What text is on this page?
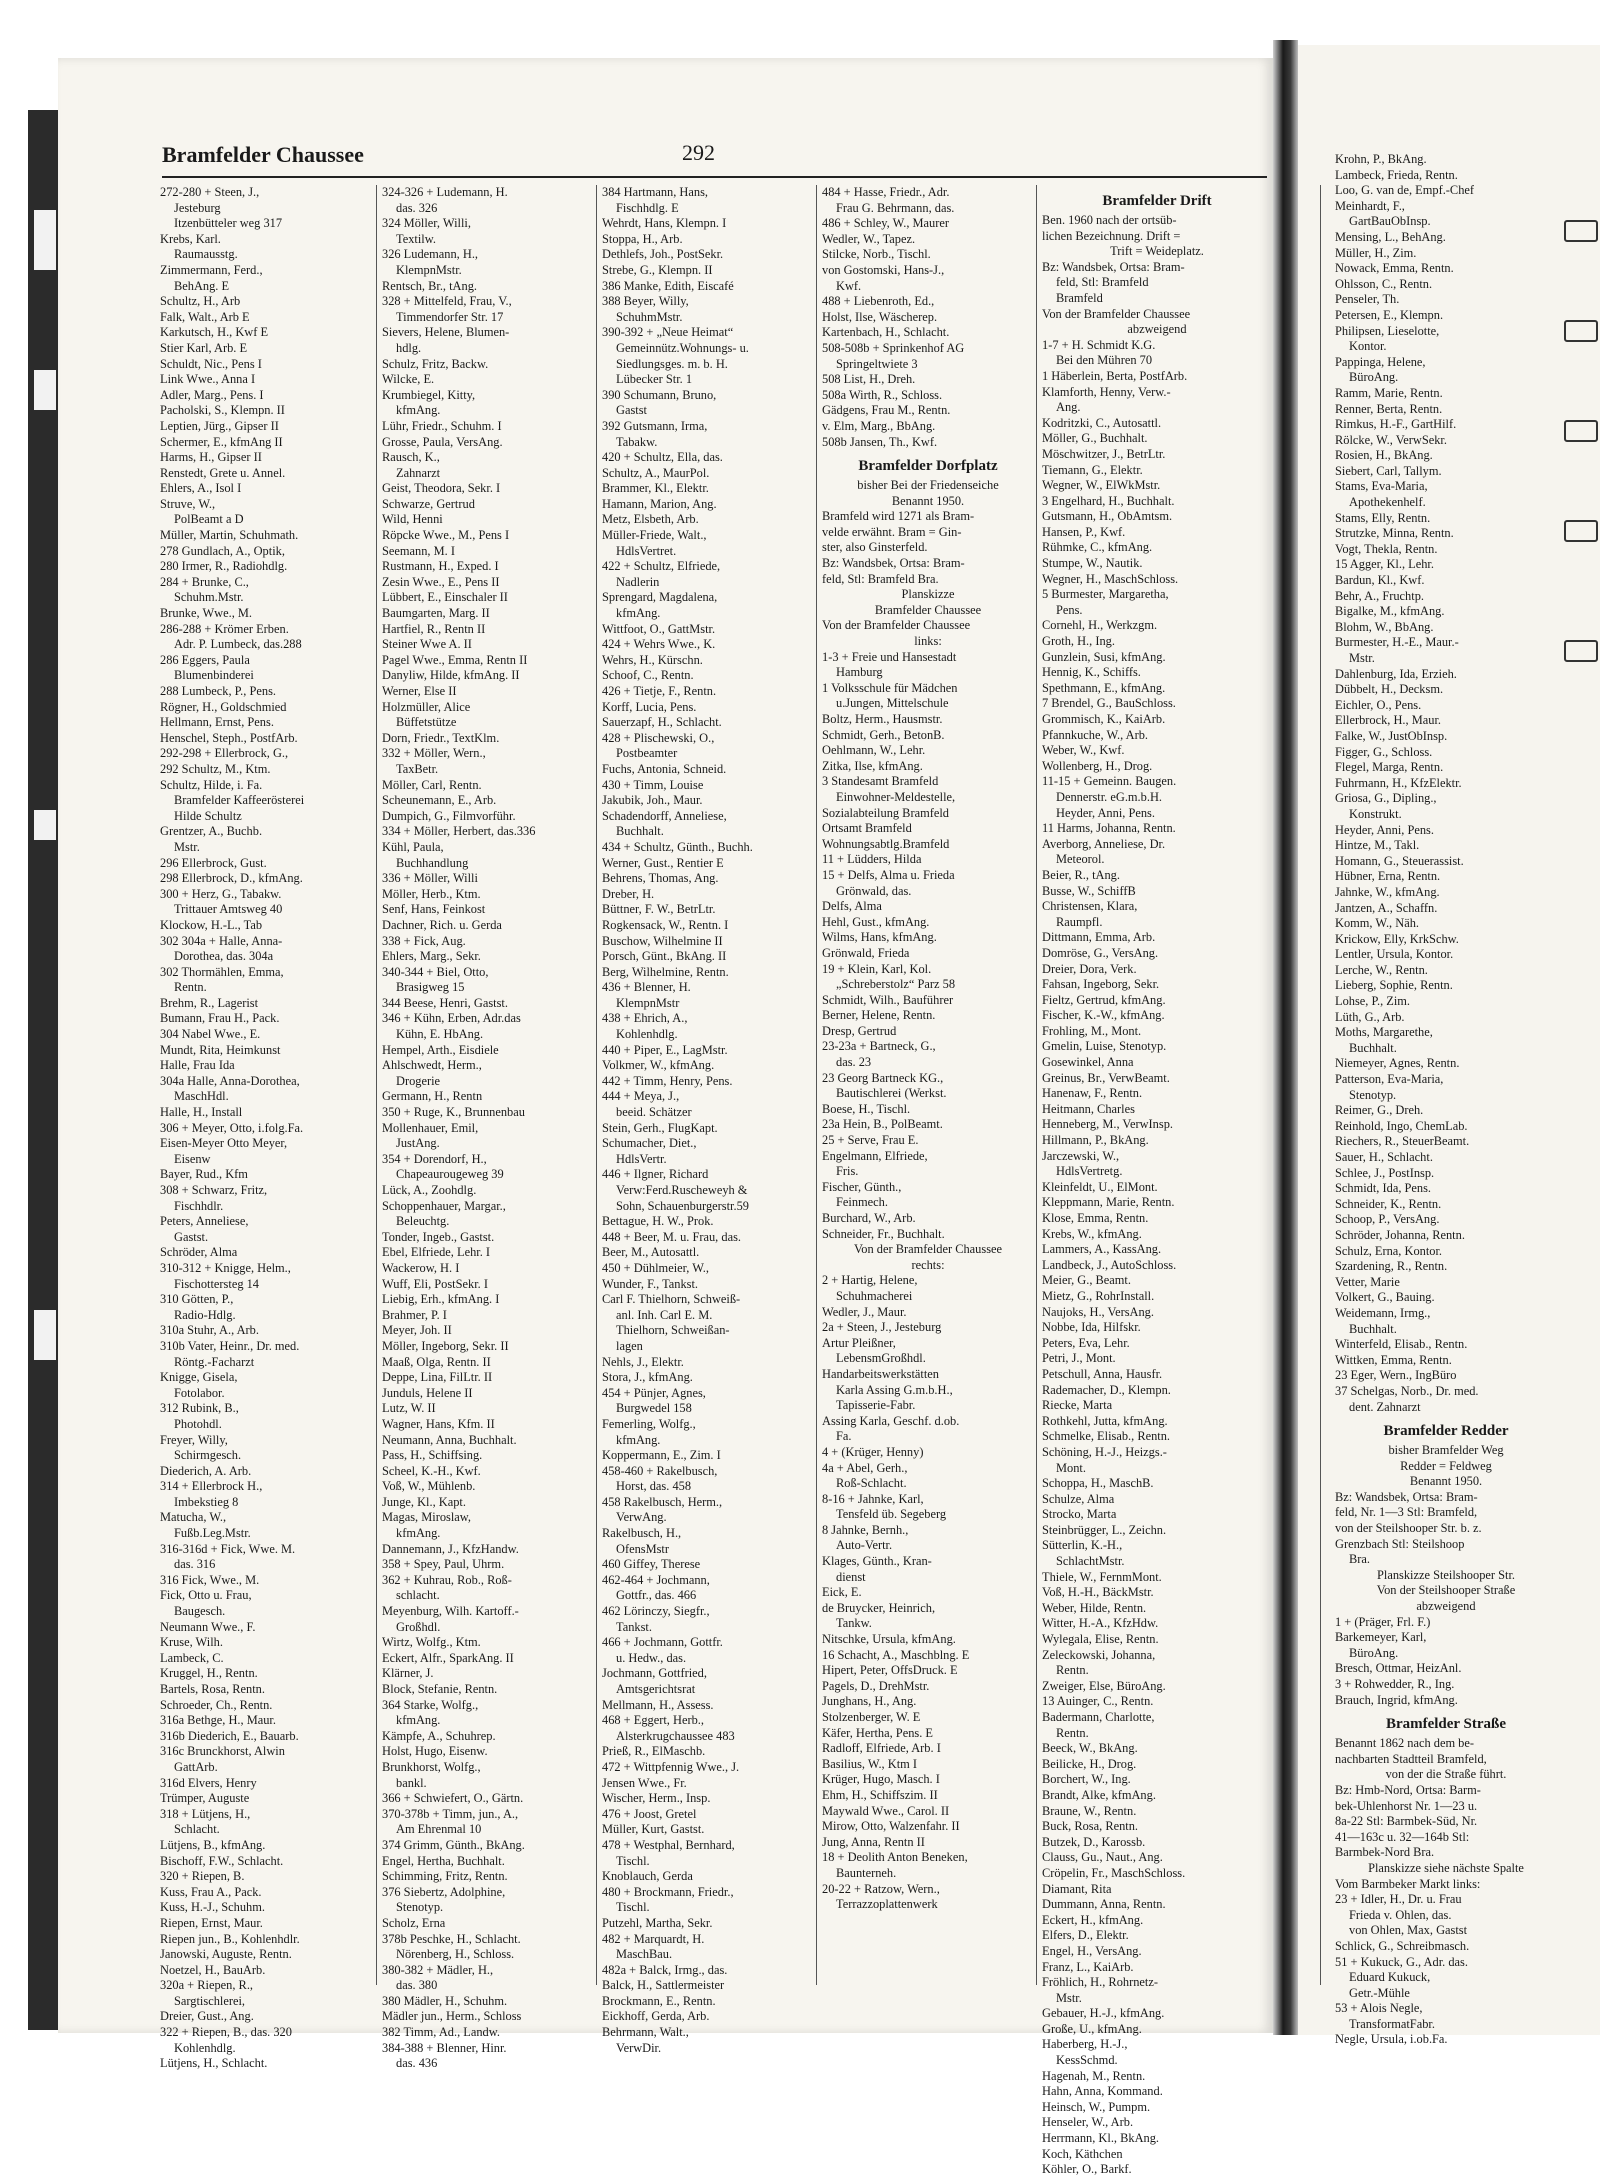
Bramfelder Chaussee	292
272-280 + Steen, J.,
Jesteburg
Itzenbütteler weg 317
Krebs, Karl.
Raumausstg.
Zimmermann, Ferd.,
BehAng. E
Schultz, H., Arb
Falk, Walt., Arb E
Karkutsch, H., Kwf E
Stier Karl, Arb. E
Schuldt, Nic., Pens I
Link Wwe., Anna I
Adler, Marg., Pens. I
Pacholski, S., Klempn. II
Leptien, Jürg., Gipser II
Schermer, E., kfmAng II
Harms, H., Gipser II
Renstedt, Grete u. Annel.
Ehlers, A., Isol I
Struve, W.,
PolBeamt a D
Müller, Martin, Schuhmath.
278 Gundlach, A., Optik,
280 Irmer, R., Radiohdlg.
284 + Brunke, C.,
Schuhm.Mstr.
Brunke, Wwe., M.
286-288 + Krömer Erben.
Adr. P. Lumbeck, das.288
286 Eggers, Paula
Blumenbinderei
288 Lumbeck, P., Pens.
Rögner, H., Goldschmied
Hellmann, Ernst, Pens.
Henschel, Steph., PostfArb.
292-298 + Ellerbrock, G.,
292 Schultz, M., Ktm.
Schultz, Hilde, i. Fa.
Bramfelder Kaffeerösterei
Hilde Schultz
Grentzer, A., Buchb.
Mstr.
296 Ellerbrock, Gust.
298 Ellerbrock, D., kfmAng.
300 + Herz, G., Tabakw.
Trittauer Amtsweg 40
Klockow, H.-L., Tab
302 304a + Halle, Anna-
Dorothea, das. 304a
302 Thormählen, Emma,
Rentn.
Brehm, R., Lagerist
Bumann, Frau H., Pack.
304 Nabel Wwe., E.
Mundt, Rita, Heimkunst
Halle, Frau Ida
304a Halle, Anna-Dorothea,
MaschHdl.
Halle, H., Install
306 + Meyer, Otto, i.folg.Fa.
Eisen-Meyer Otto Meyer,
Eisenw
Bayer, Rud., Kfm
308 + Schwarz, Fritz,
Fischhdlr.
Peters, Anneliese,
Gastst.
Schröder, Alma
310-312 + Knigge, Helm.,
Fischottersteg 14
310 Götten, P.,
Radio-Hdlg.
310a Stuhr, A., Arb.
310b Vater, Heinr., Dr. med.
Röntg.-Facharzt
Knigge, Gisela,
Fotolabor.
312 Rubink, B.,
Photohdl.
Freyer, Willy,
Schirmgesch.
Diederich, A. Arb.
314 + Ellerbrock H.,
Imbekstieg 8
Matucha, W.,
Fußb.Leg.Mstr.
316-316d + Fick, Wwe. M.
das. 316
316 Fick, Wwe., M.
Fick, Otto u. Frau,
Baugesch.
Neumann Wwe., F.
Kruse, Wilh.
Lambeck, C.
Kruggel, H., Rentn.
Bartels, Rosa, Rentn.
Schroeder, Ch., Rentn.
316a Bethge, H., Maur.
316b Diederich, E., Bauarb.
316c Brunckhorst, Alwin
GattArb.
316d Elvers, Henry
Trümper, Auguste
318 + Lütjens, H.,
Schlacht.
Lütjens, B., kfmAng.
Bischoff, F.W., Schlacht.
320 + Riepen, B.
Kuss, Frau A., Pack.
Kuss, H.-J., Schuhm.
Riepen, Ernst, Maur.
Riepen jun., B., Kohlenhdlr.
Janowski, Auguste, Rentn.
Noetzel, H., BauArb.
320a + Riepen, R.,
Sargtischlerei,
Dreier, Gust., Ang.
322 + Riepen, B., das. 320
Kohlenhdlg.
Lütjens, H., Schlacht.
324-326 + Ludemann, H.
das. 326
324 Möller, Willi,
Textilw.
326 Ludemann, H.,
KlempnMstr.
Rentsch, Br., tAng.
328 + Mittelfeld, Frau, V.,
Timmendorfer Str. 17
Sievers, Helene, Blumen-
hdlg.
Schulz, Fritz, Backw.
Wilcke, E.
Krumbiegel, Kitty,
kfmAng.
Lühr, Friedr., Schuhm. I
Grosse, Paula, VersAng.
Rausch, K.,
Zahnarzt
Geist, Theodora, Sekr. I
Schwarze, Gertrud
Wild, Henni
Röpcke Wwe., M., Pens I
Seemann, M. I
Rustmann, H., Exped. I
Zesin Wwe., E., Pens II
Lübbert, E., Einschaler II
Baumgarten, Marg. II
Hartfiel, R., Rentn II
Steiner Wwe A. II
Pagel Wwe., Emma, Rentn II
Danyliw, Hilde, kfmAng. II
Werner, Else II
Holzmüller, Alice
Büffetstütze
Dorn, Friedr., TextKlm.
332 + Möller, Wern.,
TaxBetr.
Möller, Carl, Rentn.
Scheunemann, E., Arb.
Dumpich, G., Filmvorführ.
334 + Möller, Herbert, das.336
Kühl, Paula,
Buchhandlung
336 + Möller, Willi
Möller, Herb., Ktm.
Senf, Hans, Feinkost
Dachner, Rich. u. Gerda
338 + Fick, Aug.
Ehlers, Marg., Sekr.
340-344 + Biel, Otto,
Brasigweg 15
344 Beese, Henri, Gastst.
346 + Kühn, Erben, Adr.das
Kühn, E. HbAng.
Hempel, Arth., Eisdiele
Ahlschwedt, Herm.,
Drogerie
Germann, H., Rentn
350 + Ruge, K., Brunnenbau
Mollenhauer, Emil,
JustAng.
354 + Dorendorf, H.,
Chapeaurougeweg 39
Lück, A., Zoohdlg.
Schoppenhauer, Margar.,
Beleuchtg.
Tonder, Ingeb., Gastst.
Ebel, Elfriede, Lehr. I
Wackerow, H. I
Wuff, Eli, PostSekr. I
Liebig, Erh., kfmAng. I
Brahmer, P. I
Meyer, Joh. II
Möller, Ingeborg, Sekr. II
Maaß, Olga, Rentn. II
Deppe, Lina, FilLtr. II
Junduls, Helene II
Lutz, W. II
Wagner, Hans, Kfm. II
Neumann, Anna, Buchhalt.
Pass, H., Schiffsing.
Scheel, K.-H., Kwf.
Voß, W., Mühlenb.
Junge, Kl., Kapt.
Magas, Miroslaw,
kfmAng.
Dannemann, J., KfzHandw.
358 + Spey, Paul, Uhrm.
362 + Kuhrau, Rob., Roß-
schlacht.
Meyenburg, Wilh. Kartoff.-
Großhdl.
Wirtz, Wolfg., Ktm.
Eckert, Alfr., SparkAng. II
Klärner, J.
Block, Stefanie, Rentn.
364 Starke, Wolfg.,
kfmAng.
Kämpfe, A., Schuhrep.
Holst, Hugo, Eisenw.
Brunkhorst, Wolfg.,
bankl.
366 + Schwiefert, O., Gärtn.
370-378b + Timm, jun., A.,
Am Ehrenmal 10
374 Grimm, Günth., BkAng.
Engel, Hertha, Buchhalt.
Schimming, Fritz, Rentn.
376 Siebertz, Adolphine,
Stenotyp.
Scholz, Erna
378b Peschke, H., Schlacht.
Nörenberg, H., Schloss.
380-382 + Mädler, H.,
das. 380
380 Mädler, H., Schuhm.
Mädler jun., Herm., Schloss
382 Timm, Ad., Landw.
384-388 + Blenner, Hinr.
das. 436
384 Hartmann, Hans,
Fischhdlg. E
Wehrdt, Hans, Klempn. I
Stoppa, H., Arb.
Dethlefs, Joh., PostSekr.
Strebe, G., Klempn. II
386 Manke, Edith, Eiscafé
388 Beyer, Willy,
SchuhmMstr.
390-392 + „Neue Heimat“
Gemeinnütz.Wohnungs- u.
Siedlungsges. m. b. H.
Lübecker Str. 1
390 Schumann, Bruno,
Gastst
392 Gutsmann, Irma,
Tabakw.
420 + Schultz, Ella, das.
Schultz, A., MaurPol.
Brammer, Kl., Elektr.
Hamann, Marion, Ang.
Metz, Elsbeth, Arb.
Müller-Friede, Walt.,
HdlsVertret.
422 + Schultz, Elfriede,
Nadlerin
Sprengard, Magdalena,
kfmAng.
Wittfoot, O., GattMstr.
424 + Wehrs Wwe., K.
Wehrs, H., Kürschn.
Schoof, C., Rentn.
426 + Tietje, F., Rentn.
Korff, Lucia, Pens.
Sauerzapf, H., Schlacht.
428 + Plischewski, O.,
Postbeamter
Fuchs, Antonia, Schneid.
430 + Timm, Louise
Jakubik, Joh., Maur.
Schadendorff, Anneliese,
Buchhalt.
434 + Schultz, Günth., Buchh.
Werner, Gust., Rentier E
Behrens, Thomas, Ang.
Dreber, H.
Büttner, F. W., BetrLtr.
Rogkensack, W., Rentn. I
Buschow, Wilhelmine II
Porsch, Günt., BkAng. II
Berg, Wilhelmine, Rentn.
436 + Blenner, H.
KlempnMstr
438 + Ehrich, A.,
Kohlenhdlg.
440 + Piper, E., LagMstr.
Volkmer, W., kfmAng.
442 + Timm, Henry, Pens.
444 + Meya, J.,
beeid. Schätzer
Stein, Gerh., FlugKapt.
Schumacher, Diet.,
HdlsVertr.
446 + Ilgner, Richard
Verw:Ferd.Ruscheweyh &
Sohn, Schauenburgerstr.59
Bettague, H. W., Prok.
448 + Beer, M. u. Frau, das.
Beer, M., Autosattl.
450 + Dühlmeier, W.,
Wunder, F., Tankst.
Carl F. Thielhorn, Schweiß-
anl. Inh. Carl E. M.
Thielhorn, Schweißan-
lagen
Nehls, J., Elektr.
Stora, J., kfmAng.
454 + Pünjer, Agnes,
Burgwedel 158
Femerling, Wolfg.,
kfmAng.
Koppermann, E., Zim. I
458-460 + Rakelbusch,
Horst, das. 458
458 Rakelbusch, Herm.,
VerwAng.
Rakelbusch, H.,
OfensMstr
460 Giffey, Therese
462-464 + Jochmann,
Gottfr., das. 466
462 Lörinczy, Siegfr.,
Tankst.
466 + Jochmann, Gottfr.
u. Hedw., das.
Jochmann, Gottfried,
Amtsgerichtsrat
Mellmann, H., Assess.
468 + Eggert, Herb.,
Alsterkrugchaussee 483
Prieß, R., ElMaschb.
472 + Wittpfennig Wwe., J.
Jensen Wwe., Fr.
Wischer, Herm., Insp.
476 + Joost, Gretel
Müller, Kurt, Gastst.
478 + Westphal, Bernhard,
Tischl.
Knoblauch, Gerda
480 + Brockmann, Friedr.,
Tischl.
Putzehl, Martha, Sekr.
482 + Marquardt, H.
MaschBau.
482a + Balck, Irmg., das.
Balck, H., Sattlermeister
Brockmann, E., Rentn.
Eickhoff, Gerda, Arb.
Behrmann, Walt.,
VerwDir.
484 + Hasse, Friedr., Adr.
Frau G. Behrmann, das.
486 + Schley, W., Maurer
Wedler, W., Tapez.
Stilcke, Norb., Tischl.
von Gostomski, Hans-J.,
Kwf.
488 + Liebenroth, Ed.,
Holst, Ilse, Wäscherep.
Kartenbach, H., Schlacht.
508-508b + Sprinkenhof AG
Springeltwiete 3
508 List, H., Dreh.
508a Wirth, R., Schloss.
Gädgens, Frau M., Rentn.
v. Elm, Marg., BbAng.
508b Jansen, Th., Kwf.
Bramfelder Dorfplatz
bisher Bei der Friedenseiche
Benannt 1950.
Bramfeld wird 1271 als Bram-
velde erwähnt. Bram = Gin-
ster, also Ginsterfeld.
Bz: Wandsbek, Ortsa: Bram-
feld, Stl: Bramfeld Bra.
Planskizze
Bramfelder Chaussee
Von der Bramfelder Chaussee
links:
1-3 + Freie und Hansestadt
Hamburg
1 Volksschule für Mädchen
u.Jungen, Mittelschule
Boltz, Herm., Hausmstr.
Schmidt, Gerh., BetonB.
Oehlmann, W., Lehr.
Zitka, Ilse, kfmAng.
3 Standesamt Bramfeld
Einwohner-Meldestelle,
Sozialabteilung Bramfeld
Ortsamt Bramfeld
Wohnungsabtlg.Bramfeld
11 + Lüdders, Hilda
15 + Delfs, Alma u. Frieda
Grönwald, das.
Delfs, Alma
Hehl, Gust., kfmAng.
Wilms, Hans, kfmAng.
Grönwald, Frieda
19 + Klein, Karl, Kol.
„Schreberstolz“ Parz 58
Schmidt, Wilh., Bauführer
Berner, Helene, Rentn.
Dresp, Gertrud
23-23a + Bartneck, G.,
das. 23
23 Georg Bartneck KG.,
Bautischlerei (Werkst.
Boese, H., Tischl.
23a Hein, B., PolBeamt.
25 + Serve, Frau E.
Engelmann, Elfriede,
Fris.
Fischer, Günth.,
Feinmech.
Burchard, W., Arb.
Schneider, Fr., Buchhalt.
Von der Bramfelder Chaussee
rechts:
2 + Hartig, Helene,
Schuhmacherei
Wedler, J., Maur.
2a + Steen, J., Jesteburg
Artur Pleißner,
LebensmGroßhdl.
Handarbeitswerkstätten
Karla Assing G.m.b.H.,
Tapisserie-Fabr.
Assing Karla, Geschf. d.ob.
Fa.
4 + (Krüger, Henny)
4a + Abel, Gerh.,
Roß-Schlacht.
8-16 + Jahnke, Karl,
Tensfeld üb. Segeberg
8 Jahnke, Bernh.,
Auto-Vertr.
Klages, Günth., Kran-
dienst
Eick, E.
de Bruycker, Heinrich,
Tankw.
Nitschke, Ursula, kfmAng.
16 Schacht, A., Maschblng. E
Hipert, Peter, OffsDruck. E
Pagels, D., DrehMstr.
Junghans, H., Ang.
Stolzenberger, W. E
Käfer, Hertha, Pens. E
Radloff, Elfriede, Arb. I
Basilius, W., Ktm I
Krüger, Hugo, Masch. I
Ehm, H., Schiffszim. II
Maywald Wwe., Carol. II
Mirow, Otto, Walzenfahr. II
Jung, Anna, Rentn II
18 + Deolith Anton Beneken,
Baunterneh.
20-22 + Ratzow, Wern.,
Terrazzoplattenwerk
Bramfelder Drift
Ben. 1960 nach der ortsüb-
lichen Bezeichnung. Drift =
Trift = Weideplatz.
Bz: Wandsbek, Ortsa: Bram-
feld, Stl: Bramfeld
Bramfeld
Von der Bramfelder Chaussee
abzweigend
1-7 + H. Schmidt K.G.
Bei den Mühren 70
1 Häberlein, Berta, PostfArb.
Klamforth, Henny, Verw.-
Ang.
Kodritzki, C., Autosattl.
Möller, G., Buchhalt.
Möschwitzer, J., BetrLtr.
Tiemann, G., Elektr.
Wegner, W., ElWkMstr.
3 Engelhard, H., Buchhalt.
Gutsmann, H., ObAmtsm.
Hansen, P., Kwf.
Rühmke, C., kfmAng.
Stumpe, W., Nautik.
Wegner, H., MaschSchloss.
5 Burmester, Margaretha,
Pens.
Cornehl, H., Werkzgm.
Groth, H., Ing.
Gunzlein, Susi, kfmAng.
Hennig, K., Schiffs.
Spethmann, E., kfmAng.
7 Brendel, G., BauSchloss.
Grommisch, K., KaiArb.
Pfannkuche, W., Arb.
Weber, W., Kwf.
Wollenberg, H., Drog.
11-15 + Gemeinn. Baugen.
Dennerstr. eG.m.b.H.
Heyder, Anni, Pens.
11 Harms, Johanna, Rentn.
Averborg, Anneliese, Dr.
Meteorol.
Beier, R., tAng.
Busse, W., SchiffB
Christensen, Klara,
Raumpfl.
Dittmann, Emma, Arb.
Domröse, G., VersAng.
Dreier, Dora, Verk.
Fahsan, Ingeborg, Sekr.
Fieltz, Gertrud, kfmAng.
Fischer, K.-W., kfmAng.
Frohling, M., Mont.
Gmelin, Luise, Stenotyp.
Gosewinkel, Anna
Greinus, Br., VerwBeamt.
Hanenaw, F., Rentn.
Heitmann, Charles
Henneberg, M., VerwInsp.
Hillmann, P., BkAng.
Jarczewski, W.,
HdlsVertretg.
Kleinfeldt, U., ElMont.
Kleppmann, Marie, Rentn.
Klose, Emma, Rentn.
Krebs, W., kfmAng.
Lammers, A., KassAng.
Landbeck, J., AutoSchloss.
Meier, G., Beamt.
Mietz, G., RohrInstall.
Naujoks, H., VersAng.
Nobbe, Ida, Hilfskr.
Peters, Eva, Lehr.
Petri, J., Mont.
Petschull, Anna, Hausfr.
Rademacher, D., Klempn.
Riecke, Marta
Rothkehl, Jutta, kfmAng.
Schmelke, Elisab., Rentn.
Schöning, H.-J., Heizgs.-
Mont.
Schoppa, H., MaschB.
Schulze, Alma
Strocko, Marta
Steinbrügger, L., Zeichn.
Sütterlin, K.-H.,
SchlachtMstr.
Thiele, W., FernmMont.
Voß, H.-H., BäckMstr.
Weber, Hilde, Rentn.
Witter, H.-A., KfzHdw.
Wylegala, Elise, Rentn.
Zeleckowski, Johanna,
Rentn.
Zweiger, Else, BüroAng.
13 Auinger, C., Rentn.
Badermann, Charlotte,
Rentn.
Beeck, W., BkAng.
Beilicke, H., Drog.
Borchert, W., Ing.
Brandt, Alke, kfmAng.
Braune, W., Rentn.
Buck, Rosa, Rentn.
Butzek, D., Karossb.
Clauss, Gu., Naut., Ang.
Cröpelin, Fr., MaschSchloss.
Diamant, Rita
Dummann, Anna, Rentn.
Eckert, H., kfmAng.
Elfers, D., Elektr.
Engel, H., VersAng.
Franz, L., KaiArb.
Fröhlich, H., Rohrnetz-
Mstr.
Gebauer, H.-J., kfmAng.
Große, U., kfmAng.
Haberberg, H.-J.,
KessSchmd.
Hagenah, M., Rentn.
Hahn, Anna, Kommand.
Heinsch, W., Pumpm.
Henseler, W., Arb.
Herrmann, Kl., BkAng.
Koch, Käthchen
Köhler, O., Barkf.
Krohn, P., BkAng.
Lambeck, Frieda, Rentn.
Loo, G. van de, Empf.-Chef
Meinhardt, F.,
GartBauObInsp.
Mensing, L., BehAng.
Müller, H., Zim.
Nowack, Emma, Rentn.
Ohlsson, C., Rentn.
Penseler, Th.
Petersen, E., Klempn.
Philipsen, Lieselotte,
Kontor.
Pappinga, Helene,
BüroAng.
Ramm, Marie, Rentn.
Renner, Berta, Rentn.
Rimkus, H.-F., GartHilf.
Rölcke, W., VerwSekr.
Rosien, H., BkAng.
Siebert, Carl, Tallym.
Stams, Eva-Maria,
Apothekenhelf.
Stams, Elly, Rentn.
Strutzke, Minna, Rentn.
Vogt, Thekla, Rentn.
15 Agger, Kl., Lehr.
Bardun, Kl., Kwf.
Behr, A., Fruchtp.
Bigalke, M., kfmAng.
Blohm, W., BbAng.
Burmester, H.-E., Maur.-
Mstr.
Dahlenburg, Ida, Erzieh.
Dübbelt, H., Decksm.
Eichler, O., Pens.
Ellerbrock, H., Maur.
Falke, W., JustObInsp.
Figger, G., Schloss.
Flegel, Marga, Rentn.
Fuhrmann, H., KfzElektr.
Griosa, G., Dipling.,
Konstrukt.
Heyder, Anni, Pens.
Hintze, M., Takl.
Homann, G., Steuerassist.
Hübner, Erna, Rentn.
Jahnke, W., kfmAng.
Jantzen, A., Schaffn.
Komm, W., Näh.
Krickow, Elly, KrkSchw.
Lentler, Ursula, Kontor.
Lerche, W., Rentn.
Lieberg, Sophie, Rentn.
Lohse, P., Zim.
Lüth, G., Arb.
Moths, Margarethe,
Buchhalt.
Niemeyer, Agnes, Rentn.
Patterson, Eva-Maria,
Stenotyp.
Reimer, G., Dreh.
Reinhold, Ingo, ChemLab.
Riechers, R., SteuerBeamt.
Sauer, H., Schlacht.
Schlee, J., PostInsp.
Schmidt, Ida, Pens.
Schneider, K., Rentn.
Schoop, P., VersAng.
Schröder, Johanna, Rentn.
Schulz, Erna, Kontor.
Szardening, R., Rentn.
Vetter, Marie
Volkert, G., Bauing.
Weidemann, Irmg.,
Buchhalt.
Winterfeld, Elisab., Rentn.
Wittken, Emma, Rentn.
23 Eger, Wern., IngBüro
37 Schelgas, Norb., Dr. med.
dent. Zahnarzt
Bramfelder Redder
bisher Bramfelder Weg
Redder = Feldweg
Benannt 1950.
Bz: Wandsbek, Ortsa: Bram-
feld, Nr. 1—3 Stl: Bramfeld,
von der Steilshooper Str. b. z.
Grenzbach Stl: Steilshoop
Bra.
Planskizze Steilshooper Str.
Von der Steilshooper Straße
abzweigend
1 + (Präger, Frl. F.)
Barkemeyer, Karl,
BüroAng.
Bresch, Ottmar, HeizAnl.
3 + Rohwedder, R., Ing.
Brauch, Ingrid, kfmAng.
Bramfelder Straße
Benannt 1862 nach dem be-
nachbarten Stadtteil Bramfeld,
von der die Straße führt.
Bz: Hmb-Nord, Ortsa: Barm-
bek-Uhlenhorst Nr. 1—23 u.
8a-22 Stl: Barmbek-Süd, Nr.
41—163c u. 32—164b Stl:
Barmbek-Nord Bra.
Planskizze siehe nächste Spalte
Vom Barmbeker Markt links:
23 + Idler, H., Dr. u. Frau
Frieda v. Ohlen, das.
von Ohlen, Max, Gastst
Schlick, G., Schreibmasch.
51 + Kukuck, G., Adr. das.
Eduard Kukuck,
Getr.-Mühle
53 + Alois Negle,
TransformatFabr.
Negle, Ursula, i.ob.Fa.
